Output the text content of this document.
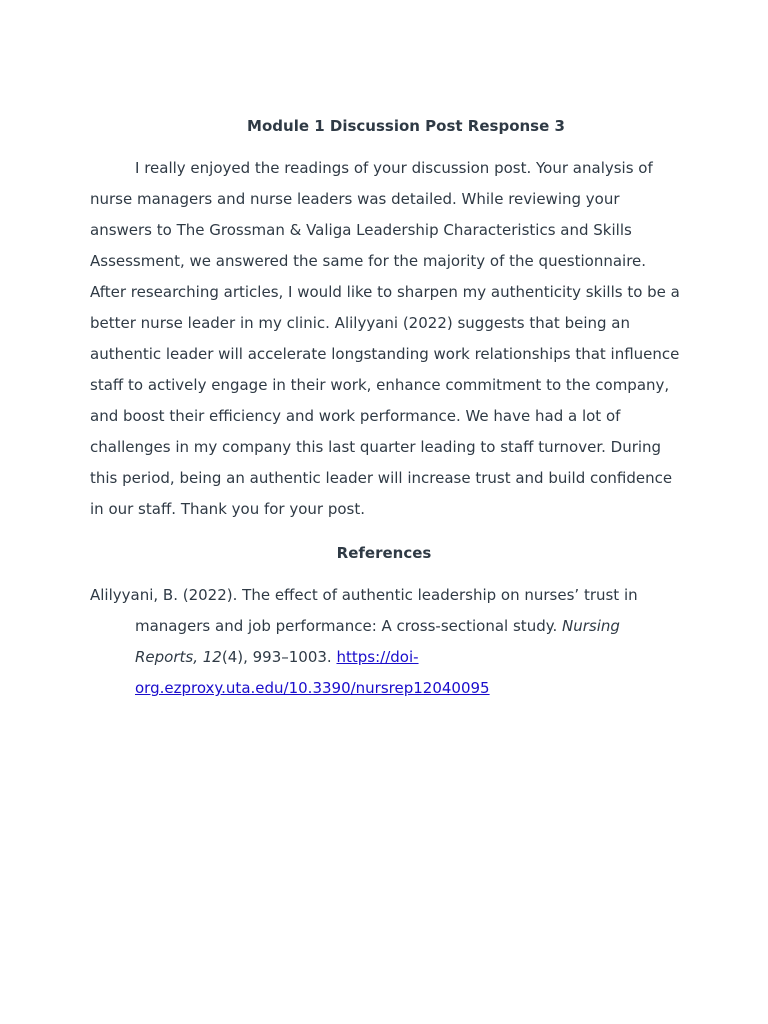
Module 1 Discussion Post Response 3

I really enjoyed the readings of your discussion post. Your analysis of nurse managers and nurse leaders was detailed. While reviewing your answers to The Grossman & Valiga Leadership Characteristics and Skills Assessment, we answered the same for the majority of the questionnaire. After researching articles, I would like to sharpen my authenticity skills to be a better nurse leader in my clinic. Alilyyani (2022) suggests that being an authentic leader will accelerate longstanding work relationships that influence staff to actively engage in their work, enhance commitment to the company, and boost their efficiency and work performance. We have had a lot of challenges in my company this last quarter leading to staff turnover. During this period, being an authentic leader will increase trust and build confidence in our staff. Thank you for your post.

References

Alilyyani, B. (2022). The effect of authentic leadership on nurses’ trust in managers and job performance: A cross-sectional study. Nursing Reports, 12(4), 993–1003. https://doi-org.ezproxy.uta.edu/10.3390/nursrep12040095
